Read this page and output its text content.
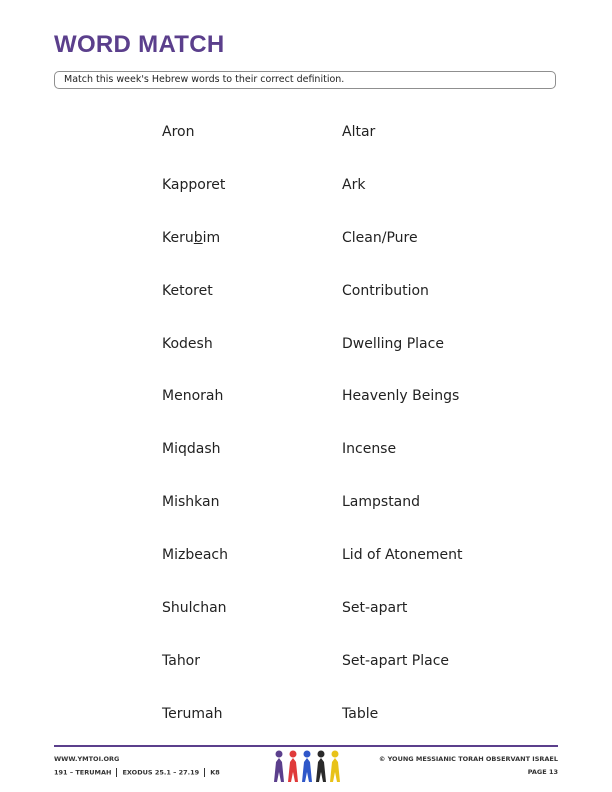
WORD MATCH
Match this week's Hebrew words to their correct definition.
Aron
Kapporet
Kerubim
Ketoret
Kodesh
Menorah
Miqdash
Mishkan
Mizbeach
Shulchan
Tahor
Terumah
Altar
Ark
Clean/Pure
Contribution
Dwelling Place
Heavenly Beings
Incense
Lampstand
Lid of Atonement
Set-apart
Set-apart Place
Table
WWW.YMTOI.ORG
191 – TERUMAH EXODUS 25.1 – 27.19 K8
© YOUNG MESSIANIC TORAH OBSERVANT ISRAEL
PAGE 13
